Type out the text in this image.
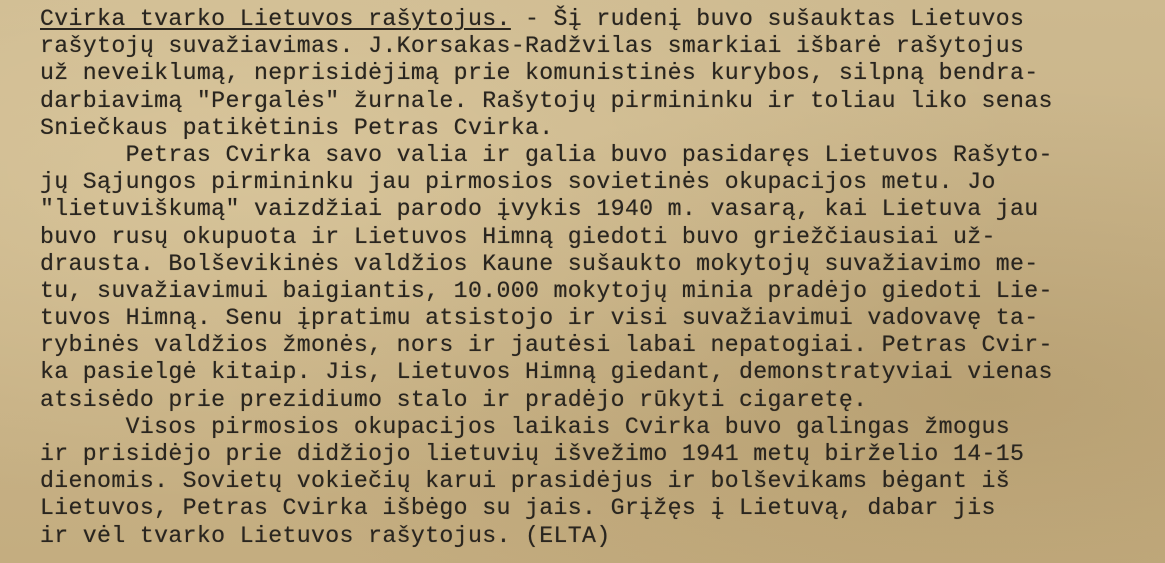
Cvirka tvarko Lietuvos rašytojus. - Šį rudenį buvo sušauktas Lietuvos
rašytojų suvažiavimas. J.Korsakas-Radžvilas smarkiai išbarė rašytojus
už neveiklumą, neprisidėjimą prie komunistinės kurybos, silpną bendra-
darbiavimą "Pergalės" žurnale. Rašytojų pirmininku ir toliau liko senas
Sniečkaus patikėtinis Petras Cvirka.
Petras Cvirka savo valia ir galia buvo pasidaręs Lietuvos Rašyto-
jų Sąjungos pirmininku jau pirmosios sovietinės okupacijos metu. Jo
"lietuviškumą" vaizdžiai parodo įvykis 1940 m. vasarą, kai Lietuva jau
buvo rusų okupuota ir Lietuvos Himną giedoti buvo griežčiausiai už-
drausta. Bolševikinės valdžios Kaune sušaukto mokytojų suvažiavimo me-
tu, suvažiavimui baigiantis, 10.000 mokytojų minia pradėjo giedoti Lie-
tuvos Himną. Senu įpratimu atsistojo ir visi suvažiavimui vadovavę ta-
rybinės valdžios žmonės, nors ir jautėsi labai nepatogiai. Petras Cvir-
ka pasielgė kitaip. Jis, Lietuvos Himną giedant, demonstratyviai vienas
atsisėdo prie prezidiumo stalo ir pradėjo rūkyti cigaretę.
Visos pirmosios okupacijos laikais Cvirka buvo galingas žmogus
ir prisidėjo prie didžiojo lietuvių išvežimo 1941 metų birželio 14-15
dienomis. Sovietų vokiečių karui prasidėjus ir bolševikams bėgant iš
Lietuvos, Petras Cvirka išbėgo su jais. Grįžęs į Lietuvą, dabar jis
ir vėl tvarko Lietuvos rašytojus. (ELTA)
